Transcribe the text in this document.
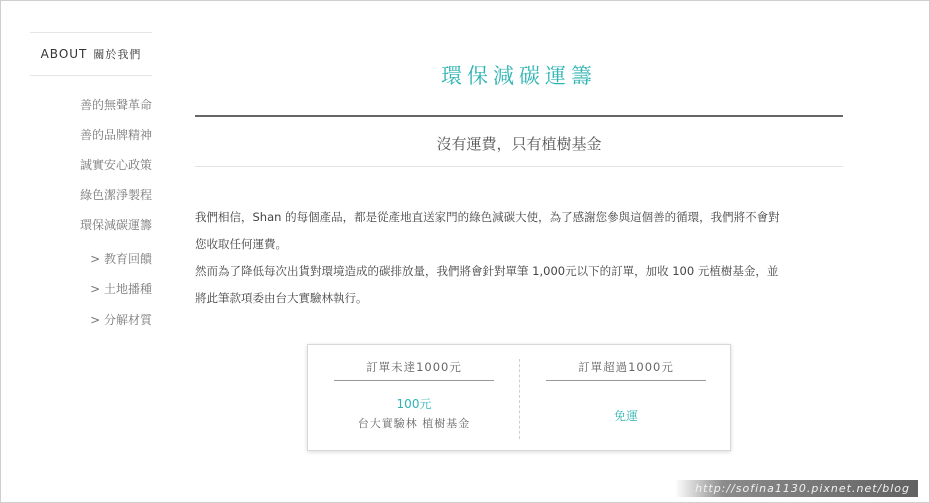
ABOUT 關於我們
善的無聲革命
善的品牌精神
誠實安心政策
綠色潔淨製程
環保減碳運籌
> 教育回饋
> 土地播種
> 分解材質
環保減碳運籌
沒有運費，只有植樹基金
我們相信，Shan 的每個產品，都是從產地直送家門的綠色減碳大使，為了感謝您參與這個善的循環，我們將不會對
您收取任何運費。
然而為了降低每次出貨對環境造成的碳排放量，我們將會針對單筆 1,000元以下的訂單，加收 100 元植樹基金，並
將此筆款項委由台大實驗林執行。
訂單未達1000元
100元
台大實驗林 植樹基金
訂單超過1000元
免運
http://sofina1130.pixnet.net/blog
